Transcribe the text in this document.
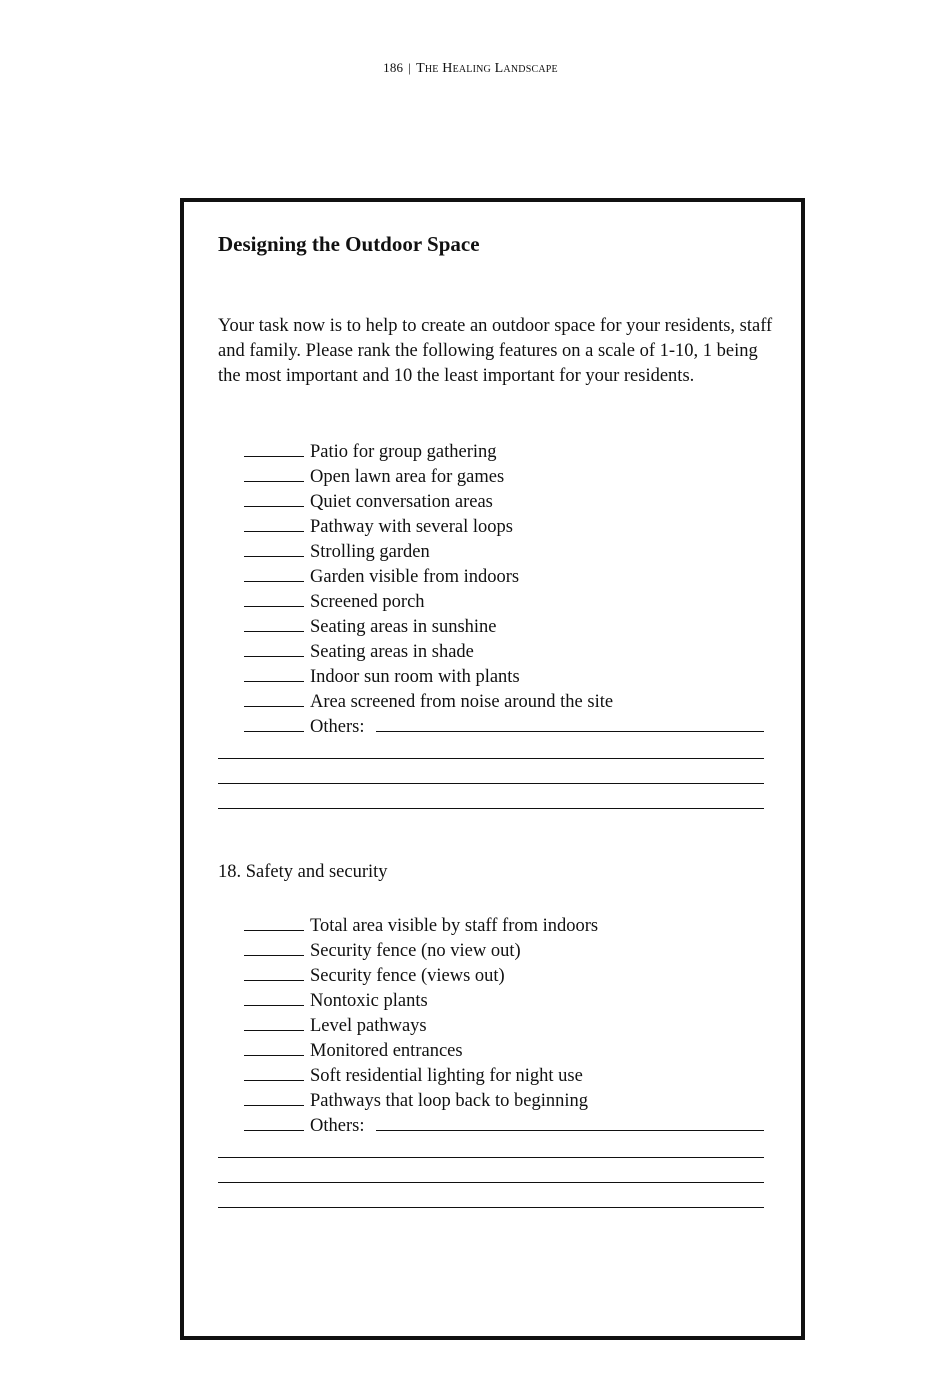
186 | The Healing Landscape
Designing the Outdoor Space

Your task now is to help to create an outdoor space for your residents, staff and family. Please rank the following features on a scale of 1-10, 1 being the most important and 10 the least important for your residents.

Patio for group gathering
Open lawn area for games
Quiet conversation areas
Pathway with several loops
Strolling garden
Garden visible from indoors
Screened porch
Seating areas in sunshine
Seating areas in shade
Indoor sun room with plants
Area screened from noise around the site
Others:

18. Safety and security

Total area visible by staff from indoors
Security fence (no view out)
Security fence (views out)
Nontoxic plants
Level pathways
Monitored entrances
Soft residential lighting for night use
Pathways that loop back to beginning
Others:
